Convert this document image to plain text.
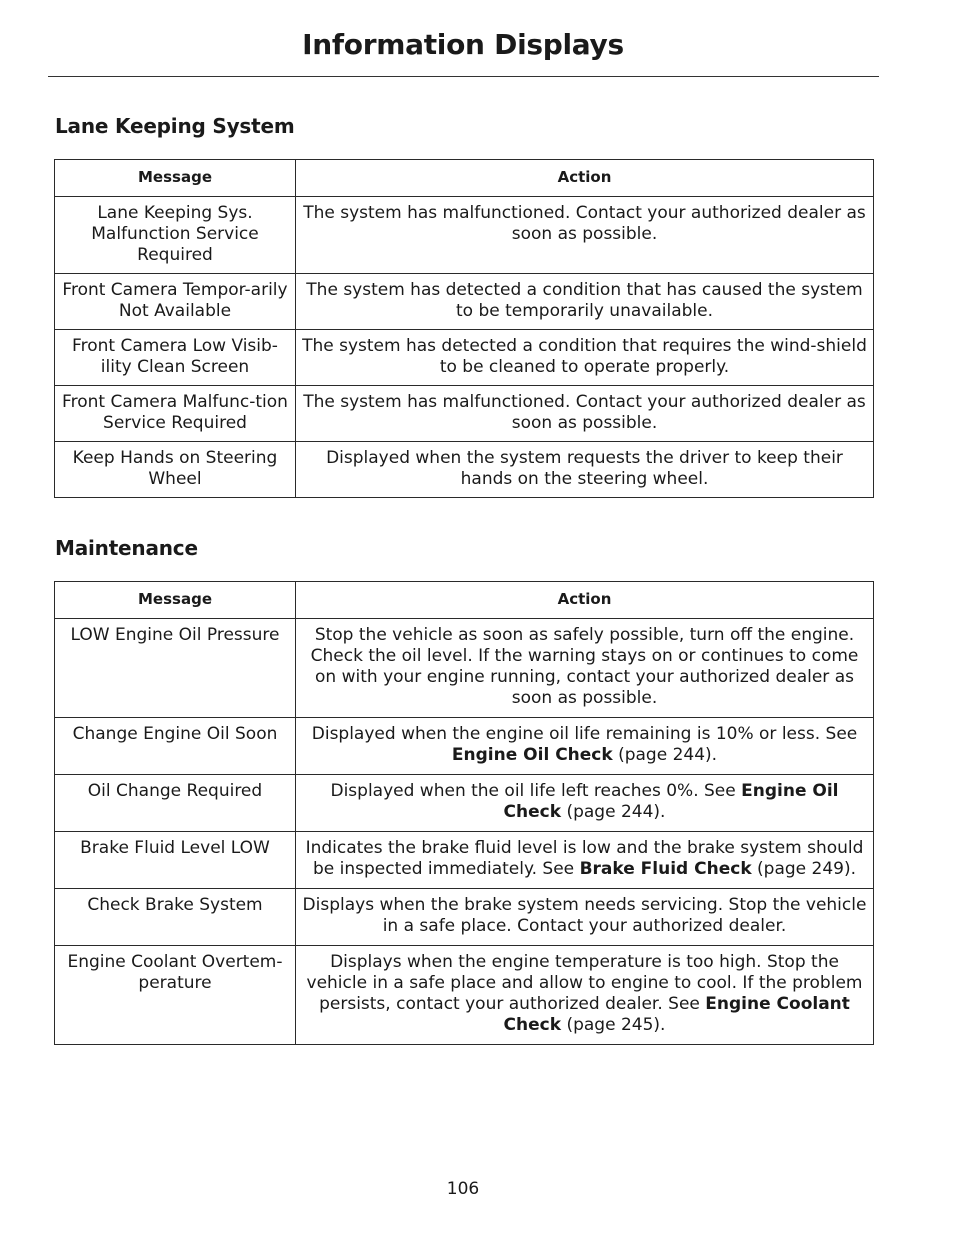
Information Displays
Lane Keeping System
Message	Action
Lane Keeping Sys. Malfunction Service Required	The system has malfunctioned. Contact your authorized dealer as soon as possible.
Front Camera Tempor-arily Not Available	The system has detected a condition that has caused the system to be temporarily unavailable.
Front Camera Low Visib-ility Clean Screen	The system has detected a condition that requires the wind-shield to be cleaned to operate properly.
Front Camera Malfunc-tion Service Required	The system has malfunctioned. Contact your authorized dealer as soon as possible.
Keep Hands on Steering Wheel	Displayed when the system requests the driver to keep their hands on the steering wheel.
Maintenance
Message	Action
LOW Engine Oil Pressure	Stop the vehicle as soon as safely possible, turn off the engine. Check the oil level. If the warning stays on or continues to come on with your engine running, contact your authorized dealer as soon as possible.
Change Engine Oil Soon	Displayed when the engine oil life remaining is 10% or less. See Engine Oil Check (page 244).
Oil Change Required	Displayed when the oil life left reaches 0%. See Engine Oil Check (page 244).
Brake Fluid Level LOW	Indicates the brake fluid level is low and the brake system should be inspected immediately. See Brake Fluid Check (page 249).
Check Brake System	Displays when the brake system needs servicing. Stop the vehicle in a safe place. Contact your authorized dealer.
Engine Coolant Overtem-perature	Displays when the engine temperature is too high. Stop the vehicle in a safe place and allow to engine to cool. If the problem persists, contact your authorized dealer. See Engine Coolant Check (page 245).
106
